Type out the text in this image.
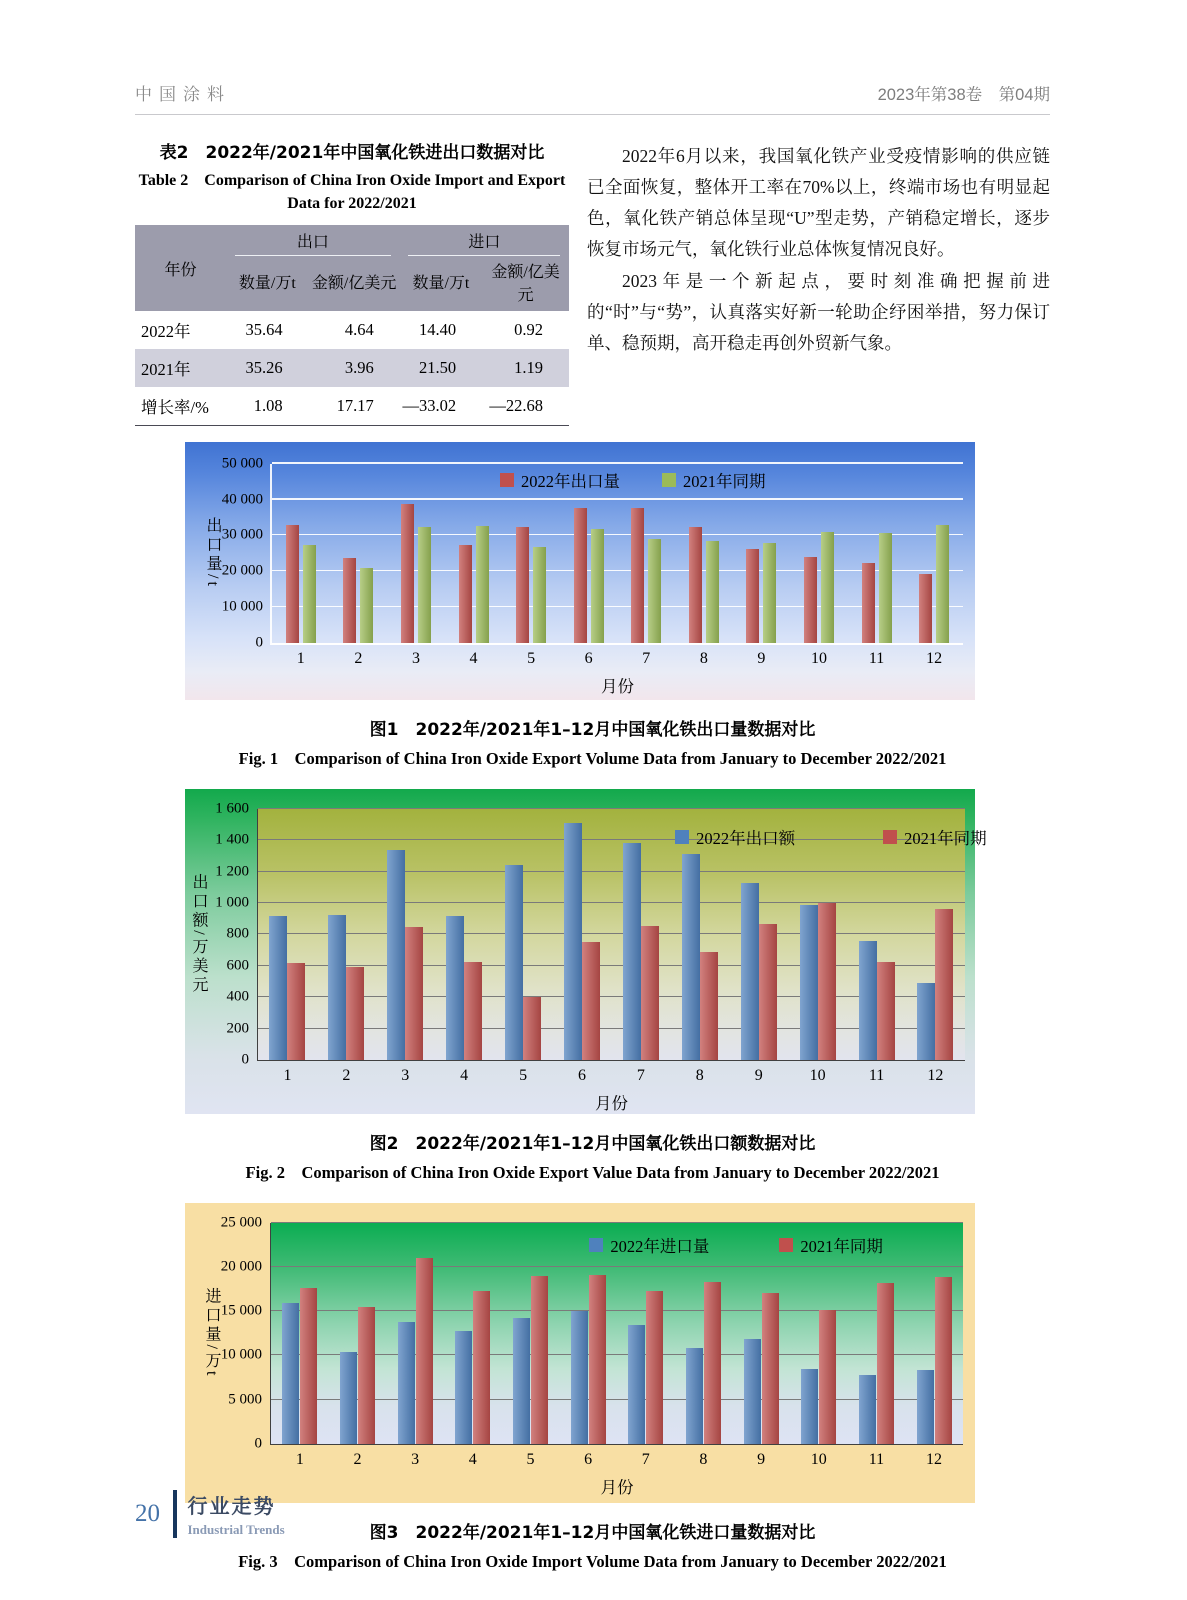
中国涂料	2023年第38卷　第04期
表2　2022年/2021年中国氧化铁进出口数据对比
Table 2　Comparison of China Iron Oxide Import and Export Data for 2022/2021
年份	出口		进口	

	数量/万t	金额/亿美元	数量/万t	金额/亿美元
2022年	35.64	4.64	14.40	0.92
2021年	35.26	3.96	21.50	1.19
增长率/%	1.08	17.17	—33.02	—22.68

2022年6月以来，我国氧化铁产业受疫情影响的供应链已全面恢复，整体开工率在70%以上，终端市场也有明显起色，氧化铁产销总体呈现“U”型走势，产销稳定增长，逐步恢复市场元气，氧化铁行业总体恢复情况良好。

2023年是一个新起点，要时刻准确把握前进的“时”与“势”，认真落实好新一轮助企纾困举措，努力保订单、稳预期，高开稳走再创外贸新气象。

0
10 000
20 000
30 000
40 000
50 000
1	2	3	4	5	6	7	8	9	10	11	12
2022年出口量	2021年同期
月份
出口量/t
图1　2022年/2021年1–12月中国氧化铁出口量数据对比
Fig. 1　Comparison of China Iron Oxide Export Volume Data from January to December 2022/2021
0
200
400
600
800
1 000
1 200
1 400
1 600
1	2	3	4	5	6	7	8	9	10	11	12
2022年出口额	2021年同期
月份
出口额/万美元
图2　2022年/2021年1–12月中国氧化铁出口额数据对比
Fig. 2　Comparison of China Iron Oxide Export Value Data from January to December 2022/2021
0
5 000
10 000
15 000
20 000
25 000
1	2	3	4	5	6	7	8	9	10	11	12
2022年进口量	2021年同期
月份
进口量/万t
图3　2022年/2021年1–12月中国氧化铁进口量数据对比
Fig. 3　Comparison of China Iron Oxide Import Volume Data from January to December 2022/2021
20 行业走势
Industrial Trends
